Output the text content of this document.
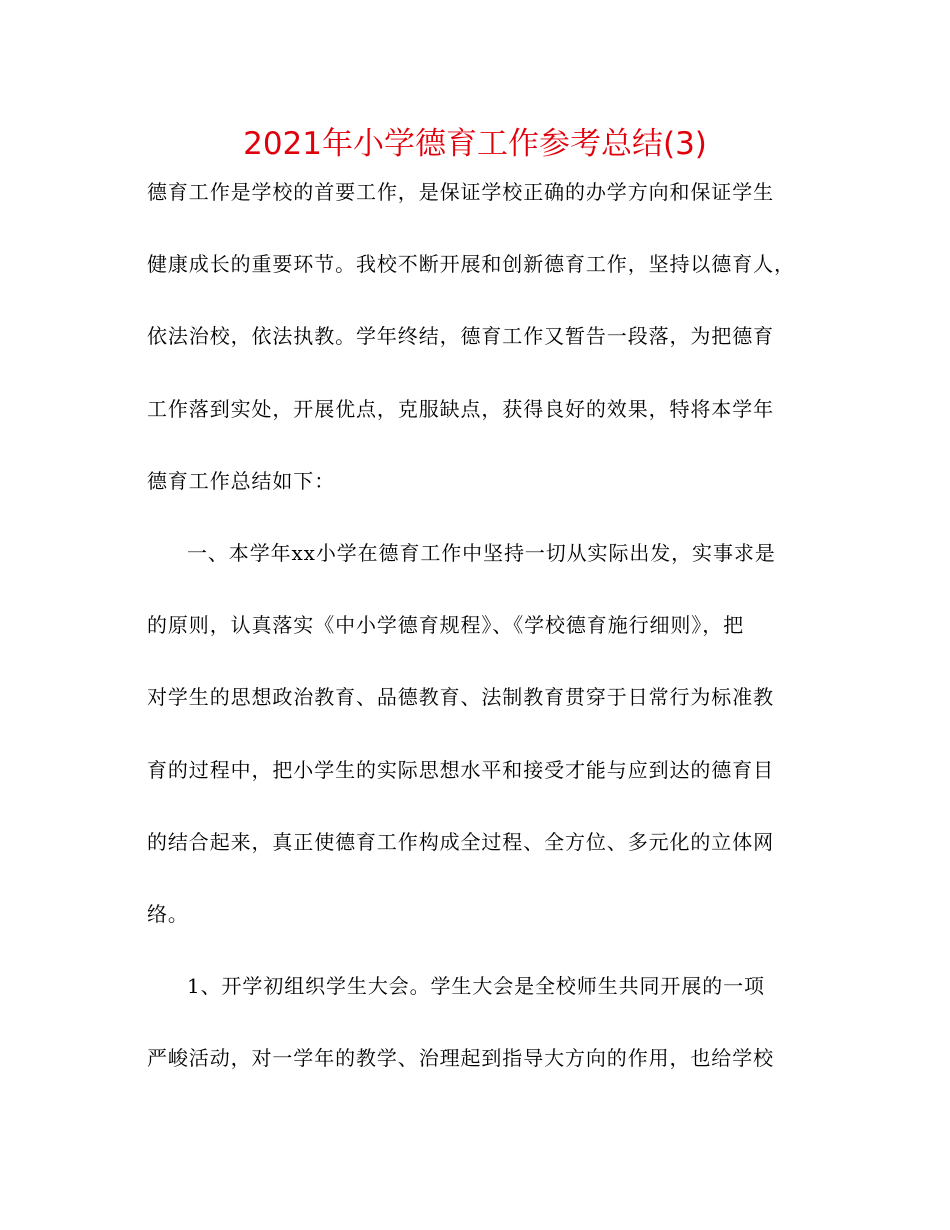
2021年小学德育工作参考总结(3)
德育工作是学校的首要工作，是保证学校正确的办学方向和保证学生
健康成长的重要环节。我校不断开展和创新德育工作，坚持以德育人，
依法治校，依法执教。学年终结，德育工作又暂告一段落，为把德育
工作落到实处，开展优点，克服缺点，获得良好的效果，特将本学年
德育工作总结如下：
一、本学年xx小学在德育工作中坚持一切从实际出发，实事求是
的原则，认真落实《中小学德育规程》、《学校德育施行细则》，把
对学生的思想政治教育、品德教育、法制教育贯穿于日常行为标准教
育的过程中，把小学生的实际思想水平和接受才能与应到达的德育目
的结合起来，真正使德育工作构成全过程、全方位、多元化的立体网
络。
1、开学初组织学生大会。学生大会是全校师生共同开展的一项
严峻活动，对一学年的教学、治理起到指导大方向的作用，也给学校
